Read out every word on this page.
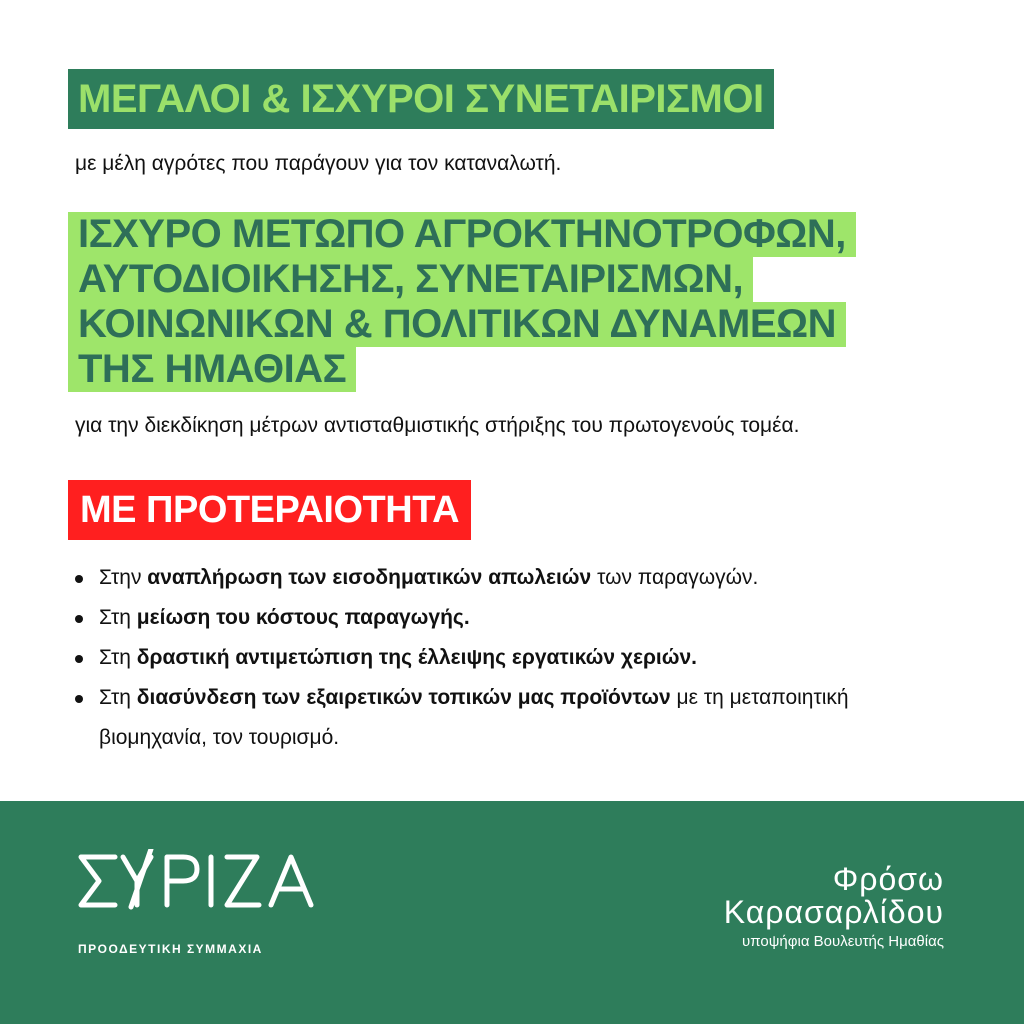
ΜΕΓΑΛΟΙ & ΙΣΧΥΡΟΙ ΣΥΝΕΤΑΙΡΙΣΜΟΙ
με μέλη αγρότες που παράγουν για τον καταναλωτή.
ΙΣΧΥΡΟ ΜΕΤΩΠΟ ΑΓΡΟΚΤΗΝΟΤΡΟΦΩΝ,
ΑΥΤΟΔΙΟΙΚΗΣΗΣ, ΣΥΝΕΤΑΙΡΙΣΜΩΝ,
ΚΟΙΝΩΝΙΚΩΝ & ΠΟΛΙΤΙΚΩΝ ΔΥΝΑΜΕΩΝ
ΤΗΣ ΗΜΑΘΙΑΣ
για την διεκδίκηση μέτρων αντισταθμιστικής στήριξης του πρωτογενούς τομέα.
ΜΕ ΠΡΟΤΕΡΑΙΟΤΗΤΑ
Στην αναπλήρωση των εισοδηματικών απωλειών των παραγωγών.
Στη μείωση του κόστους παραγωγής.
Στη δραστική αντιμετώπιση της έλλειψης εργατικών χεριών.
Στη διασύνδεση των εξαιρετικών τοπικών μας προϊόντων με τη μεταποιητική βιομηχανία, τον τουρισμό.
ΠΡΟΟΔΕΥΤΙΚΗ ΣΥΜΜΑΧΙΑ
Φρόσω
Καρασαρλίδου
υποψήφια Βουλευτής Ημαθίας
